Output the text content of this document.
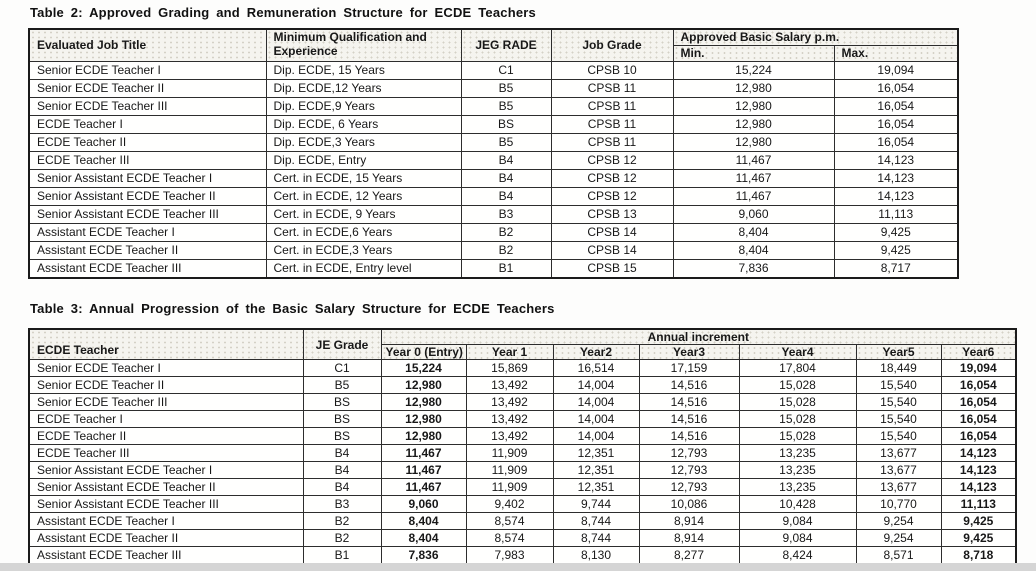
Table 2: Approved Grading and Remuneration Structure for ECDE Teachers
Evaluated Job Title	Minimum Qualification and Experience	JEG RADE	Job Grade	Approved Basic Salary p.m.	
				Min.	Max.
Senior ECDE Teacher I	Dip. ECDE, 15 Years	C1	CPSB 10	15,224	19,094
Senior ECDE Teacher II	Dip. ECDE,12 Years	B5	CPSB 11	12,980	16,054
Senior ECDE Teacher III	Dip. ECDE,9 Years	B5	CPSB 11	12,980	16,054
ECDE Teacher I	Dip. ECDE, 6 Years	BS	CPSB 11	12,980	16,054
ECDE Teacher II	Dip. ECDE,3 Years	B5	CPSB 11	12,980	16,054
ECDE Teacher III	Dip. ECDE, Entry	B4	CPSB 12	11,467	14,123
Senior Assistant ECDE Teacher I	Cert. in ECDE, 15 Years	B4	CPSB 12	11,467	14,123
Senior Assistant ECDE Teacher II	Cert. in ECDE, 12 Years	B4	CPSB 12	11,467	14,123
Senior Assistant ECDE Teacher III	Cert. in ECDE, 9 Years	B3	CPSB 13	9,060	11,113
Assistant ECDE Teacher I	Cert. in ECDE,6 Years	B2	CPSB 14	8,404	9,425
Assistant ECDE Teacher II	Cert. in ECDE,3 Years	B2	CPSB 14	8,404	9,425
Assistant ECDE Teacher III	Cert. in ECDE, Entry level	B1	CPSB 15	7,836	8,717
Table 3: Annual Progression of the Basic Salary Structure for ECDE Teachers
ECDE Teacher	JE Grade	Annual increment						
		Year 0 (Entry)	Year 1	Year2	Year3	Year4	Year5	Year6
Senior ECDE Teacher I	C1	15,224	15,869	16,514	17,159	17,804	18,449	19,094
Senior ECDE Teacher II	B5	12,980	13,492	14,004	14,516	15,028	15,540	16,054
Senior ECDE Teacher III	BS	12,980	13,492	14,004	14,516	15,028	15,540	16,054
ECDE Teacher I	BS	12,980	13,492	14,004	14,516	15,028	15,540	16,054
ECDE Teacher II	BS	12,980	13,492	14,004	14,516	15,028	15,540	16,054
ECDE Teacher III	B4	11,467	11,909	12,351	12,793	13,235	13,677	14,123
Senior Assistant ECDE Teacher I	B4	11,467	11,909	12,351	12,793	13,235	13,677	14,123
Senior Assistant ECDE Teacher II	B4	11,467	11,909	12,351	12,793	13,235	13,677	14,123
Senior Assistant ECDE Teacher III	B3	9,060	9,402	9,744	10,086	10,428	10,770	11,113
Assistant ECDE Teacher I	B2	8,404	8,574	8,744	8,914	9,084	9,254	9,425
Assistant ECDE Teacher II	B2	8,404	8,574	8,744	8,914	9,084	9,254	9,425
Assistant ECDE Teacher III	B1	7,836	7,983	8,130	8,277	8,424	8,571	8,718
